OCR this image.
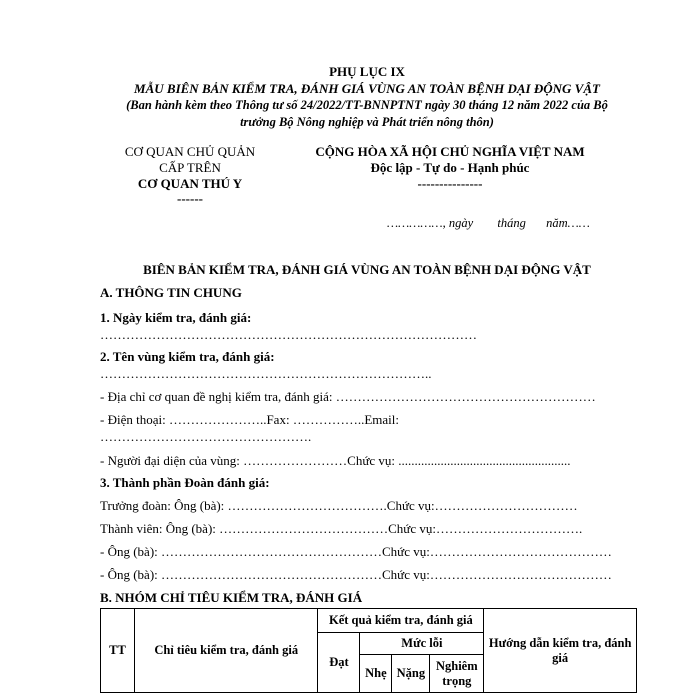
PHỤ LỤC IX
MẪU BIÊN BẢN KIỂM TRA, ĐÁNH GIÁ VÙNG AN TOÀN BỆNH DẠI ĐỘNG VẬT
(Ban hành kèm theo Thông tư số 24/2022/TT-BNNPTNT ngày 30 tháng 12 năm 2022 của Bộ
trưởng Bộ Nông nghiệp và Phát triển nông thôn)
CƠ QUAN CHỦ QUẢN
CẤP TRÊN
CƠ QUAN THÚ Y
------
CỘNG HÒA XÃ HỘI CHỦ NGHĨA VIỆT NAM
Độc lập - Tự do - Hạnh phúc
---------------
……………, ngày tháng năm……
BIÊN BẢN KIỂM TRA, ĐÁNH GIÁ VÙNG AN TOÀN BỆNH DẠI ĐỘNG VẬT
A. THÔNG TIN CHUNG
1. Ngày kiểm tra, đánh giá:
……………………………………………………………………………
2. Tên vùng kiểm tra, đánh giá:
…………………………………………………………………..
- Địa chỉ cơ quan đề nghị kiểm tra, đánh giá: ……………………………………………………
- Điện thoại: …………………..Fax: ……………..Email:
………………………………………….
- Người đại diện của vùng: ……………………Chức vụ: .....................................................
3. Thành phần Đoàn đánh giá:
Trưởng đoàn: Ông (bà): ……………………………….Chức vụ:……………………………
Thành viên: Ông (bà): …………………………………Chức vụ:…………………………….
- Ông (bà): ……………………………………………Chức vụ:……………………………………
- Ông (bà): ……………………………………………Chức vụ:……………………………………
B. NHÓM CHỈ TIÊU KIỂM TRA, ĐÁNH GIÁ
TT	Chỉ tiêu kiểm tra, đánh giá	Kết quả kiểm tra, đánh giá				Hướng dẫn kiểm tra, đánh giá
		Đạt	Mức lỗi			
			Nhẹ	Nặng	Nghiêm trọng	
